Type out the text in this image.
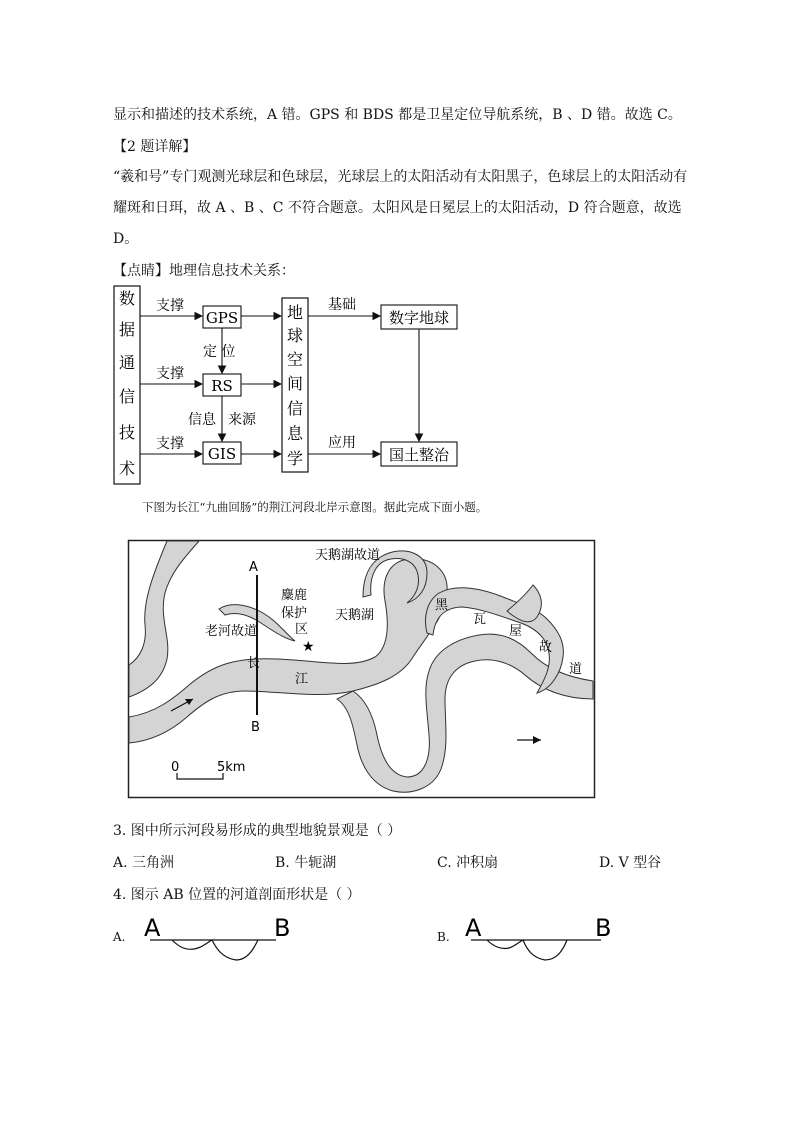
显示和描述的技术系统，A 错。GPS 和 BDS 都是卫星定位导航系统，B 、D 错。故选 C。
【2 题详解】
“羲和号”专门观测光球层和色球层，光球层上的太阳活动有太阳黑子，色球层上的太阳活动有
耀斑和日珥，故 A 、B 、C 不符合题意。太阳风是日冕层上的太阳活动，D 符合题意，故选
D。
【点睛】地理信息技术关系：
数
据
通
信
技
术
支撑
支撑
支撑
GPS
RS
GIS
定 位
信息 来源
地
球
空
间
信
息
学
基础
应用
数字地球
国土整治
下图为长江“九曲回肠”的荆江河段北岸示意图。据此完成下面小题。
A
B
天鹅湖故道
麋鹿
保护
区
★
天鹅湖
老河故道
长
江
黑
瓦
屋
故
道
0	5km
3. 图中所示河段易形成的典型地貌景观是（ ）
A. 三角洲	B. 牛轭湖	C. 冲积扇	D. V 型谷
4. 图示 AB 位置的河道剖面形状是（ ）
A.	B.
A	B	A	B
